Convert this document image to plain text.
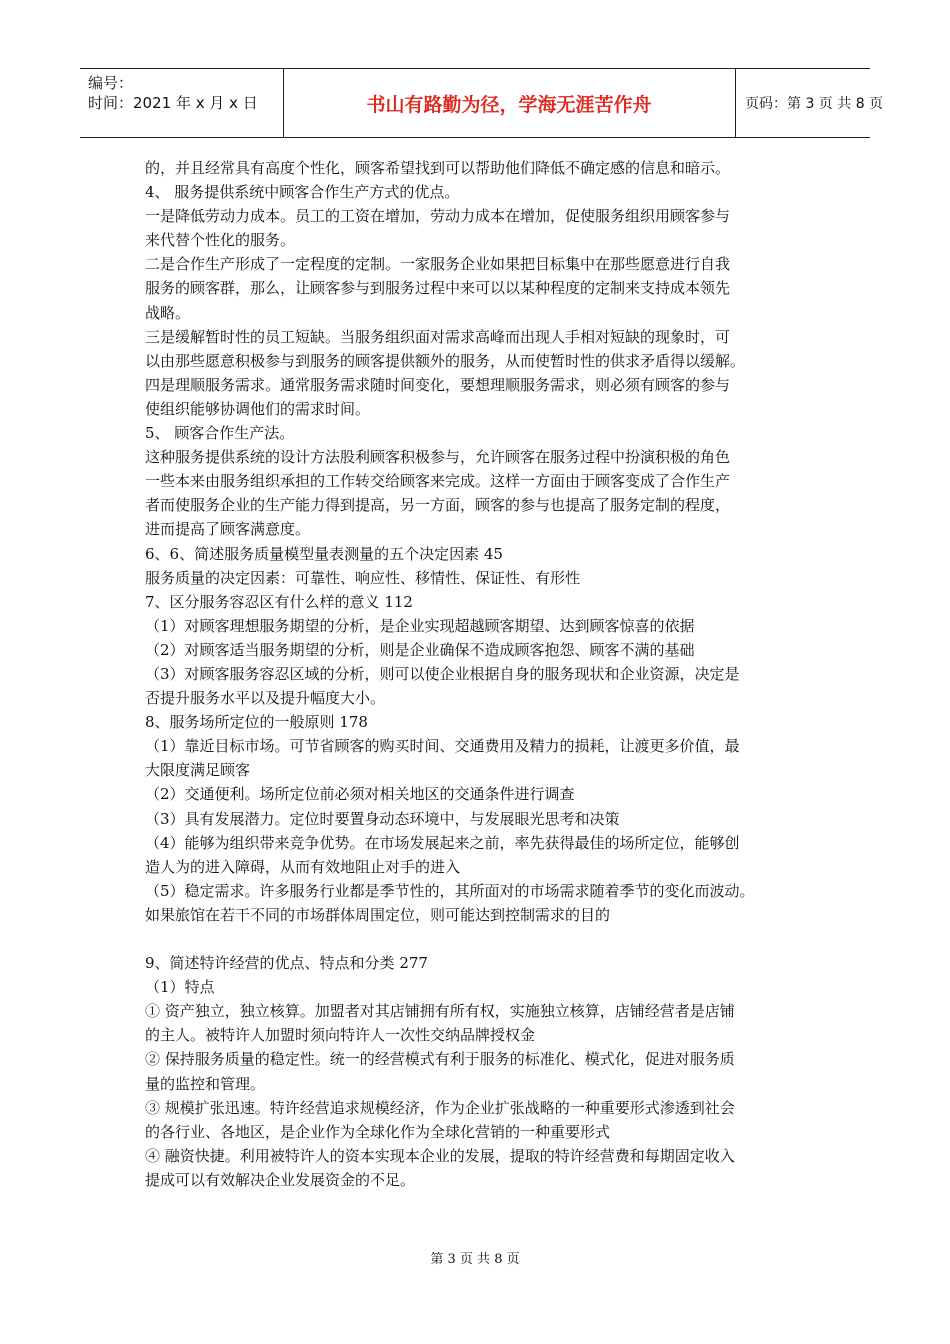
编号：
时间：2021 年 x 月 x 日	书山有路勤为径，学海无涯苦作舟	页码：第 3 页 共 8 页
的，并且经常具有高度个性化，顾客希望找到可以帮助他们降低不确定感的信息和暗示。
4、 服务提供系统中顾客合作生产方式的优点。
一是降低劳动力成本。员工的工资在增加，劳动力成本在增加，促使服务组织用顾客参与
来代替个性化的服务。
二是合作生产形成了一定程度的定制。一家服务企业如果把目标集中在那些愿意进行自我
服务的顾客群，那么，让顾客参与到服务过程中来可以以某种程度的定制来支持成本领先
战略。
三是缓解暂时性的员工短缺。当服务组织面对需求高峰而出现人手相对短缺的现象时，可
以由那些愿意积极参与到服务的顾客提供额外的服务，从而使暂时性的供求矛盾得以缓解。
四是理顺服务需求。通常服务需求随时间变化，要想理顺服务需求，则必须有顾客的参与
使组织能够协调他们的需求时间。
5、 顾客合作生产法。
这种服务提供系统的设计方法股利顾客积极参与，允许顾客在服务过程中扮演积极的角色
一些本来由服务组织承担的工作转交给顾客来完成。这样一方面由于顾客变成了合作生产
者而使服务企业的生产能力得到提高，另一方面，顾客的参与也提高了服务定制的程度，
进而提高了顾客满意度。
6、6、简述服务质量模型量表测量的五个决定因素 45
服务质量的决定因素：可靠性、响应性、移情性、保证性、有形性
7、区分服务容忍区有什么样的意义 112
（1）对顾客理想服务期望的分析，是企业实现超越顾客期望、达到顾客惊喜的依据
（2）对顾客适当服务期望的分析，则是企业确保不造成顾客抱怨、顾客不满的基础
（3）对顾客服务容忍区域的分析，则可以使企业根据自身的服务现状和企业资源，决定是
否提升服务水平以及提升幅度大小。
8、服务场所定位的一般原则 178
（1）靠近目标市场。可节省顾客的购买时间、交通费用及精力的损耗，让渡更多价值，最
大限度满足顾客
（2）交通便利。场所定位前必须对相关地区的交通条件进行调查
（3）具有发展潜力。定位时要置身动态环境中，与发展眼光思考和决策
（4）能够为组织带来竞争优势。在市场发展起来之前，率先获得最佳的场所定位，能够创
造人为的进入障碍，从而有效地阻止对手的进入
（5）稳定需求。许多服务行业都是季节性的，其所面对的市场需求随着季节的变化而波动。
如果旅馆在若干不同的市场群体周围定位，则可能达到控制需求的目的
9、简述特许经营的优点、特点和分类 277
（1）特点
① 资产独立，独立核算。加盟者对其店铺拥有所有权，实施独立核算，店铺经营者是店铺
的主人。被特许人加盟时须向特许人一次性交纳品牌授权金
② 保持服务质量的稳定性。统一的经营模式有利于服务的标准化、模式化，促进对服务质
量的监控和管理。
③ 规模扩张迅速。特许经营追求规模经济，作为企业扩张战略的一种重要形式渗透到社会
的各行业、各地区，是企业作为全球化作为全球化营销的一种重要形式
④ 融资快捷。利用被特许人的资本实现本企业的发展，提取的特许经营费和每期固定收入
提成可以有效解决企业发展资金的不足。
第 3 页 共 8 页
